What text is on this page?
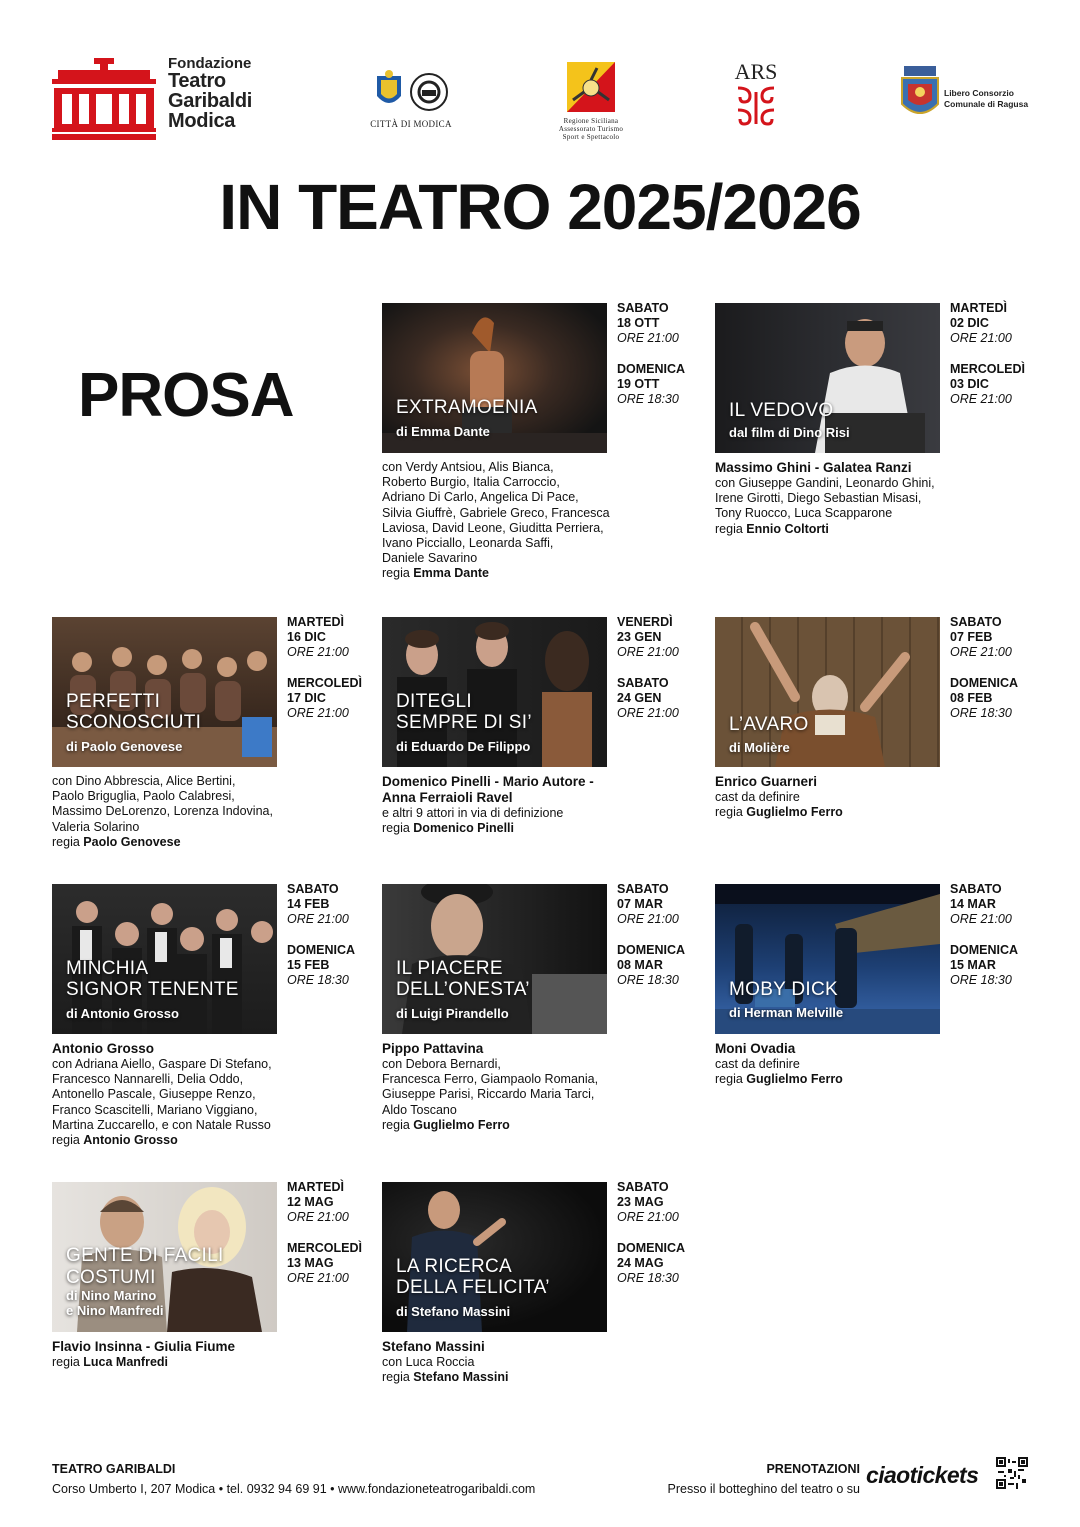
Fondazione
Teatro
Garibaldi
Modica	CITTÀ DI MODICA	Regione Siciliana
Assessorato Turismo
Sport e Spettacolo
ARS
Libero Consorzio
Comunale di Ragusa
IN TEATRO 2025/2026
PROSA	EXTRAMOENIA
di Emma Dante
SABATO
18 OTT
ORE 21:00
DOMENICA
19 OTT
ORE 18:30
con Verdy Antsiou, Alis Bianca,
Roberto Burgio, Italia Carroccio,
Adriano Di Carlo, Angelica Di Pace,
Silvia Giuffrè, Gabriele Greco, Francesca
Laviosa, David Leone, Giuditta Perriera,
Ivano Picciallo, Leonarda Saffi,
Daniele Savarino
regia Emma Dante
IL VEDOVO
dal film di Dino Risi
MARTEDÌ
02 DIC
ORE 21:00
MERCOLEDÌ
03 DIC
ORE 21:00
Massimo Ghini - Galatea Ranzi
con Giuseppe Gandini, Leonardo Ghini,
Irene Girotti, Diego Sebastian Misasi,
Tony Ruocco, Luca Scapparone
regia Ennio Coltorti
PERFETTI
SCONOSCIUTI
di Paolo Genovese
MARTEDÌ
16 DIC
ORE 21:00
MERCOLEDÌ
17 DIC
ORE 21:00
con Dino Abbrescia, Alice Bertini,
Paolo Briguglia, Paolo Calabresi,
Massimo DeLorenzo, Lorenza Indovina,
Valeria Solarino
regia Paolo Genovese
DITEGLI
SEMPRE DI SI’
di Eduardo De Filippo
VENERDÌ
23 GEN
ORE 21:00
SABATO
24 GEN
ORE 21:00
Domenico Pinelli - Mario Autore -
Anna Ferraioli Ravel
e altri 9 attori in via di definizione
regia Domenico Pinelli
L’AVARO
di Molière
SABATO
07 FEB
ORE 21:00
DOMENICA
08 FEB
ORE 18:30
Enrico Guarneri
cast da definire
regia Guglielmo Ferro
MINCHIA
SIGNOR TENENTE
di Antonio Grosso
SABATO
14 FEB
ORE 21:00
DOMENICA
15 FEB
ORE 18:30
Antonio Grosso
con Adriana Aiello, Gaspare Di Stefano,
Francesco Nannarelli, Delia Oddo,
Antonello Pascale, Giuseppe Renzo,
Franco Scascitelli, Mariano Viggiano,
Martina Zuccarello, e con Natale Russo
regia Antonio Grosso
IL PIACERE
DELL’ONESTA’
di Luigi Pirandello
SABATO
07 MAR
ORE 21:00
DOMENICA
08 MAR
ORE 18:30
Pippo Pattavina
con Debora Bernardi,
Francesca Ferro, Giampaolo Romania,
Giuseppe Parisi, Riccardo Maria Tarci,
Aldo Toscano
regia Guglielmo Ferro
MOBY DICK
di Herman Melville
SABATO
14 MAR
ORE 21:00
DOMENICA
15 MAR
ORE 18:30
Moni Ovadia
cast da definire
regia Guglielmo Ferro
GENTE DI FACILI
COSTUMI
di Nino Marino
e Nino Manfredi
MARTEDÌ
12 MAG
ORE 21:00
MERCOLEDÌ
13 MAG
ORE 21:00
Flavio Insinna - Giulia Fiume
regia Luca Manfredi
LA RICERCA
DELLA FELICITA’
di Stefano Massini
SABATO
23 MAG
ORE 21:00
DOMENICA
24 MAG
ORE 18:30
Stefano Massini
con Luca Roccia
regia Stefano Massini
TEATRO GARIBALDI
Corso Umberto I, 207 Modica • tel. 0932 94 69 91 • www.fondazioneteatrogaribaldi.com
PRENOTAZIONI
Presso il botteghino del teatro o su
ciaotickets
